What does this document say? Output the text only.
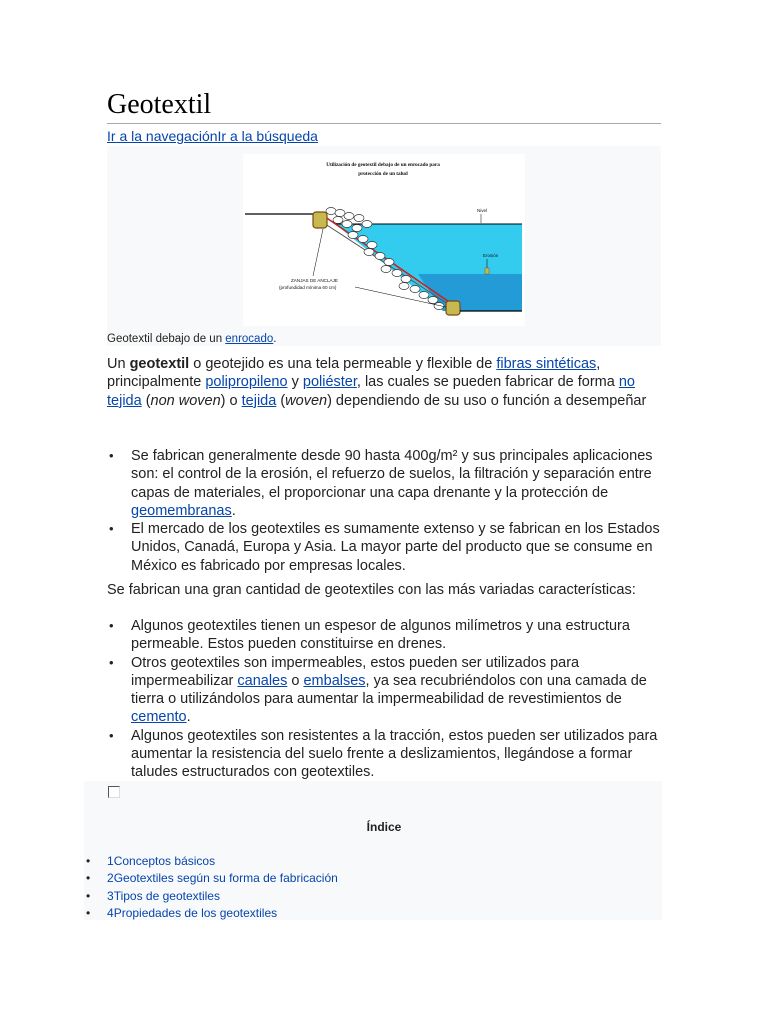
Geotextil
Ir a la navegaciónIr a la búsqueda
Utilización de geotextil debajo de un enrocado para
protección de un talud
Nivel
Erosión
ZANJAS DE ANCLAJE
(profundidad mínima 60 cm)
Geotextil debajo de un enrocado.

Un geotextil o geotejido es una tela permeable y flexible de fibras sintéticas, principalmente polipropileno y poliéster, las cuales se pueden fabricar de forma no tejida (non woven) o tejida (woven) dependiendo de su uso o función a desempeñar

• Se fabrican generalmente desde 90 hasta 400g/m² y sus principales aplicaciones son: el control de la erosión, el refuerzo de suelos, la filtración y separación entre capas de materiales, el proporcionar una capa drenante y la protección de geomembranas.
• El mercado de los geotextiles es sumamente extenso y se fabrican en los Estados Unidos, Canadá, Europa y Asia. La mayor parte del producto que se consume en México es fabricado por empresas locales.

Se fabrican una gran cantidad de geotextiles con las más variadas características:

• Algunos geotextiles tienen un espesor de algunos milímetros y una estructura permeable. Estos pueden constituirse en drenes.
• Otros geotextiles son impermeables, estos pueden ser utilizados para impermeabilizar canales o embalses, ya sea recubriéndolos con una camada de tierra o utilizándolos para aumentar la impermeabilidad de revestimientos de cemento.
• Algunos geotextiles son resistentes a la tracción, estos pueden ser utilizados para aumentar la resistencia del suelo frente a deslizamientos, llegándose a formar taludes estructurados con geotextiles.
Índice
• 1Conceptos básicos
• 2Geotextiles según su forma de fabricación
• 3Tipos de geotextiles
• 4Propiedades de los geotextiles
